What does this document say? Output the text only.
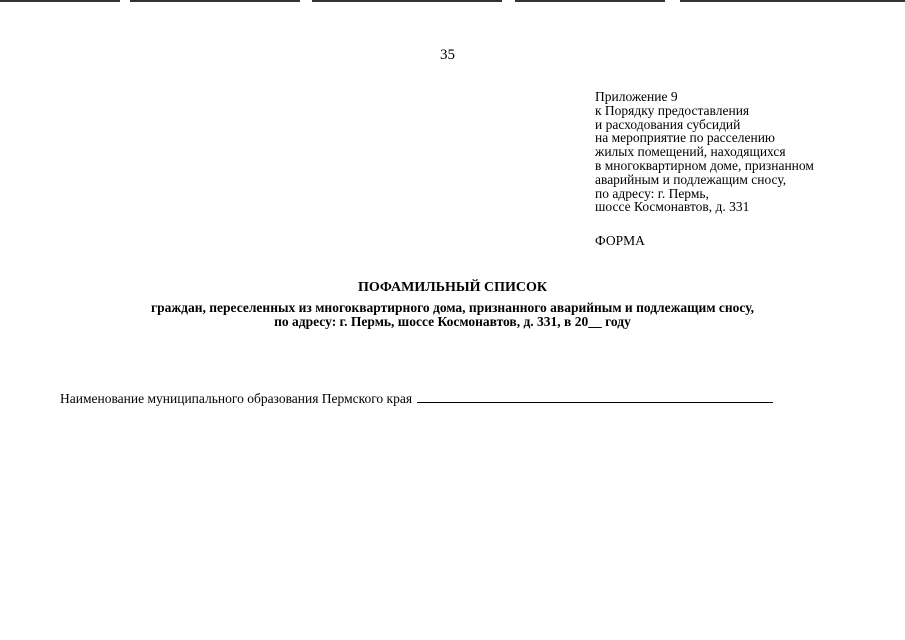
35
Приложение 9
к Порядку предоставления
и расходования субсидий
на мероприятие по расселению
жилых помещений, находящихся
в многоквартирном доме, признанном
аварийным и подлежащим сносу,
по адресу: г. Пермь,
шоссе Космонавтов, д. 331
ФОРМА
ПОФАМИЛЬНЫЙ СПИСОК
граждан, переселенных из многоквартирного дома, признанного аварийным и подлежащим сносу,
по адресу: г. Пермь, шоссе Космонавтов, д. 331, в 20__ году
Наименование муниципального образования Пермского края
